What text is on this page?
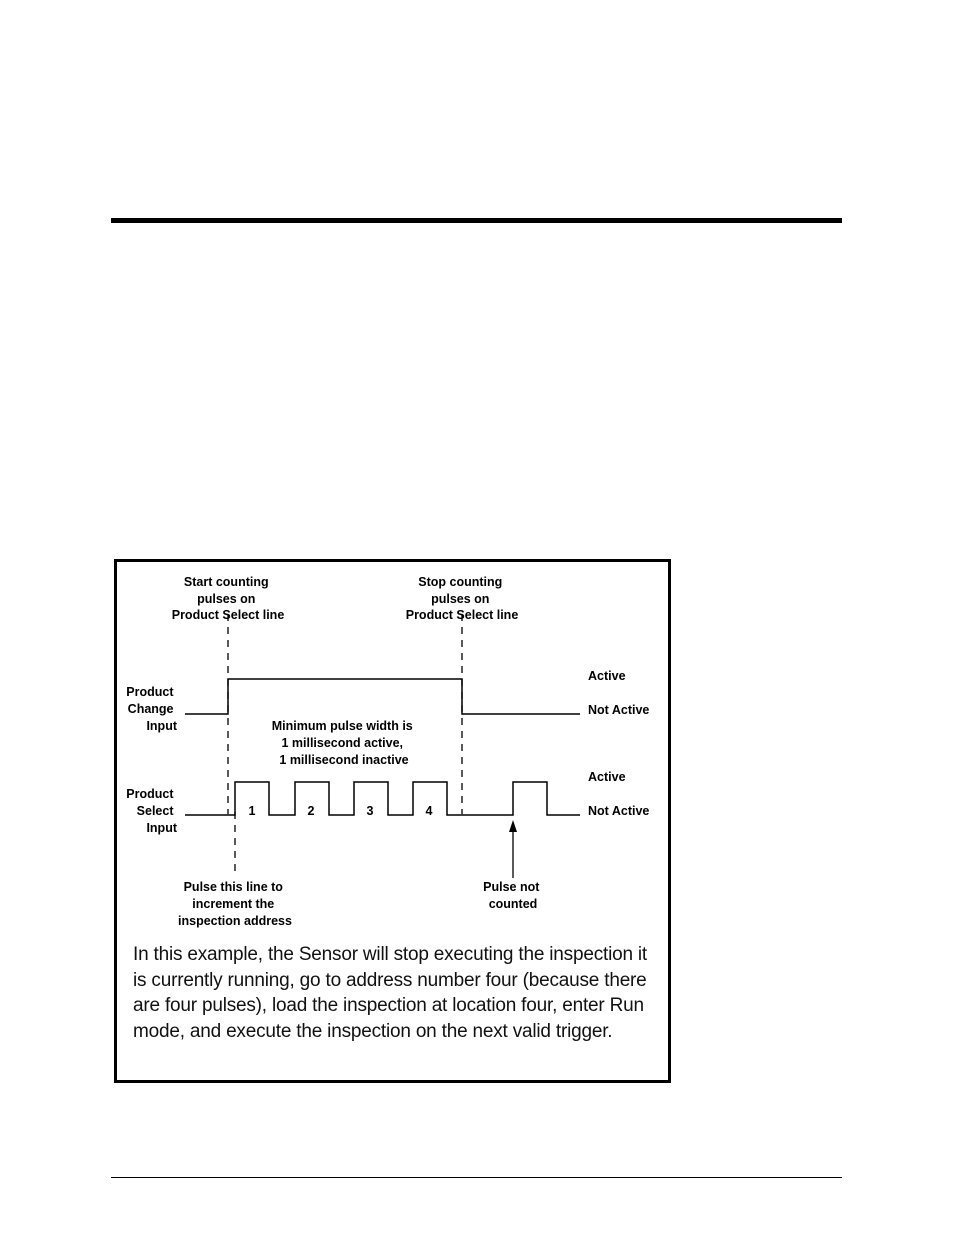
Start counting pulses on Product Select line
Stop counting pulses on Product Select line
Product Change Input
Product Select Input
Active
Not Active
Active
Not Active
Minimum pulse width is 1 millisecond active, 1 millisecond inactive
1	2	3	4
Pulse this line to increment the inspection address
Pulse not counted
In this example, the Sensor will stop executing the inspection it is currently running, go to address number four (because there are four pulses), load the inspection at location four, enter Run mode, and execute the inspection on the next valid trigger.
